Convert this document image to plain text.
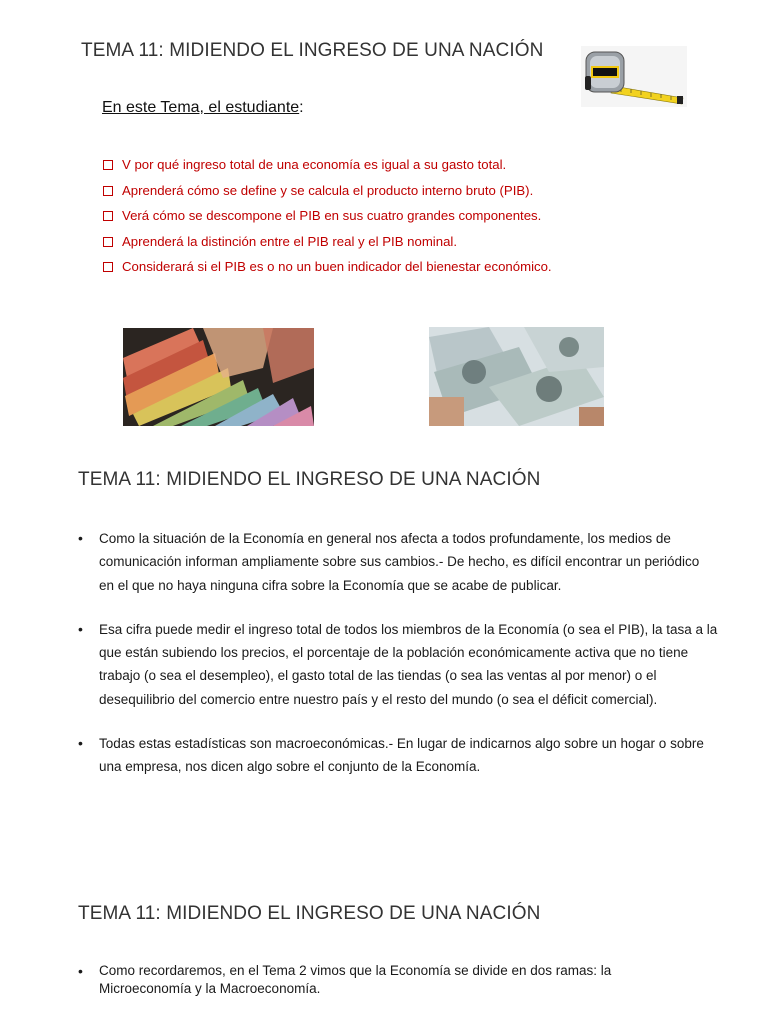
TEMA 11: MIDIENDO EL INGRESO DE UNA NACIÓN
En este Tema, el estudiante:
V por qué ingreso total de una economía es igual a su gasto total.
Aprenderá cómo se define y se calcula el producto interno bruto (PIB).
Verá cómo se descompone el PIB en sus cuatro grandes componentes.
Aprenderá la distinción entre el PIB real y el PIB nominal.
Considerará si el PIB es o no un buen indicador del bienestar económico.
TEMA 11: MIDIENDO EL INGRESO DE UNA NACIÓN
• Como la situación de la Economía en general nos afecta a todos profundamente, los medios de comunicación informan ampliamente sobre sus cambios.- De hecho, es difícil encontrar un periódico en el que no haya ninguna cifra sobre la Economía que se acabe de publicar.
• Esa cifra puede medir el ingreso total de todos los miembros de la Economía (o sea el PIB), la tasa a la que están subiendo los precios, el porcentaje de la población económicamente activa que no tiene trabajo (o sea el desempleo), el gasto total de las tiendas (o sea las ventas al por menor) o el desequilibrio del comercio entre nuestro país y el resto del mundo (o sea el déficit comercial).
• Todas estas estadísticas son macroeconómicas.- En lugar de indicarnos algo sobre un hogar o sobre una empresa, nos dicen algo sobre el conjunto de la Economía.
TEMA 11: MIDIENDO EL INGRESO DE UNA NACIÓN
• Como recordaremos, en el Tema 2 vimos que la Economía se divide en dos ramas: la Microeconomía y la Macroeconomía.
